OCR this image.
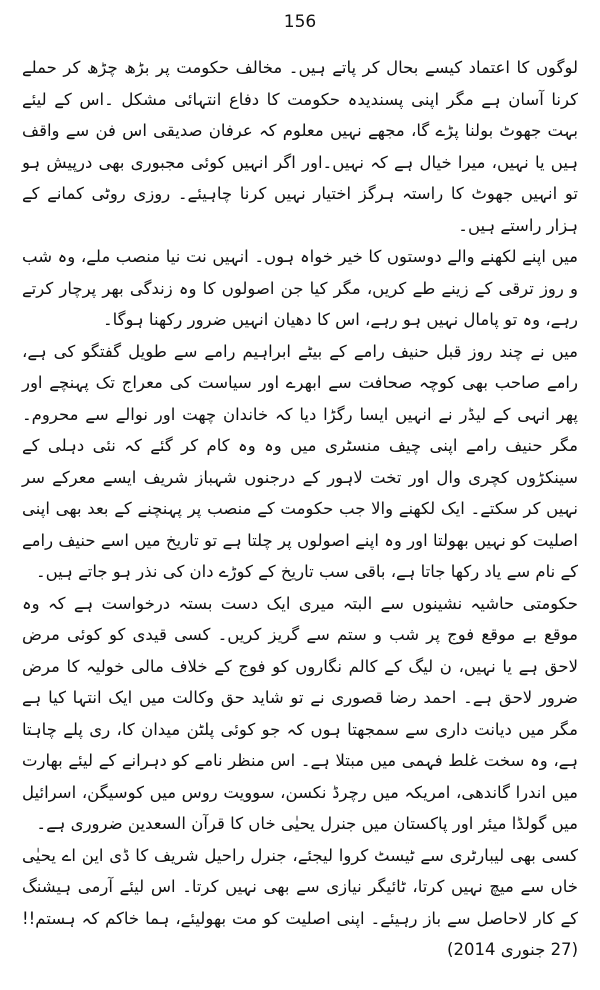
156

لوگوں کا اعتماد کیسے بحال کر پاتے ہیں۔ مخالف حکومت پر بڑھ چڑھ کر حملے کرنا آسان ہے مگر اپنی پسندیدہ حکومت کا دفاع انتہائی مشکل ۔اس کے لیئے بہت جھوٹ بولنا پڑے گا، مجھے نہیں معلوم کہ عرفان صدیقی اس فن سے واقف ہیں یا نہیں، میرا خیال ہے کہ نہیں۔اور اگر انہیں کوئی مجبوری بھی درپیش ہو تو انہیں جھوٹ کا راستہ ہرگز اختیار نہیں کرنا چاہیئے۔ روزی روٹی کمانے کے ہزار راستے ہیں۔

میں اپنے لکھنے والے دوستوں کا خیر خواہ ہوں۔ انہیں نت نیا منصب ملے، وہ شب و روز ترقی کے زینے طے کریں، مگر کیا جن اصولوں کا وہ زندگی بھر پرچار کرتے رہے، وہ تو پامال نہیں ہو رہے، اس کا دھیان انہیں ضرور رکھنا ہوگا۔

میں نے چند روز قبل حنیف رامے کے بیٹے ابراہیم رامے سے طویل گفتگو کی ہے، رامے صاحب بھی کوچہ صحافت سے ابھرے اور سیاست کی معراج تک پہنچے اور پھر انہی کے لیڈر نے انہیں ایسا رگڑا دیا کہ خاندان چھت اور نوالے سے محروم۔ مگر حنیف رامے اپنی چیف منسٹری میں وہ وہ کام کر گئے کہ نئی دہلی کے سینکڑوں کچری وال اور تخت لاہور کے درجنوں شہباز شریف ایسے معرکے سر نہیں کر سکتے۔ ایک لکھنے والا جب حکومت کے منصب پر پہنچنے کے بعد بھی اپنی اصلیت کو نہیں بھولتا اور وہ اپنے اصولوں پر چلتا ہے تو تاریخ میں اسے حنیف رامے کے نام سے یاد رکھا جاتا ہے، باقی سب تاریخ کے کوڑے دان کی نذر ہو جاتے ہیں۔

حکومتی حاشیہ نشینوں سے البتہ میری ایک دست بستہ درخواست ہے کہ وہ موقع بے موقع فوج پر شب و ستم سے گریز کریں۔ کسی قیدی کو کوئی مرض لاحق ہے یا نہیں، ن لیگ کے کالم نگاروں کو فوج کے خلاف مالی خولیہ کا مرض ضرور لاحق ہے۔ احمد رضا قصوری نے تو شاید حق وکالت میں ایک انتہا کیا ہے مگر میں دیانت داری سے سمجھتا ہوں کہ جو کوئی پلٹن میدان کا، ری پلے چاہتا ہے، وہ سخت غلط فہمی میں مبتلا ہے۔ اس منظر نامے کو دہرانے کے لیئے بھارت میں اندرا گاندھی، امریکہ میں رچرڈ نکسن، سوویت روس میں کوسیگن، اسرائیل میں گولڈا میئر اور پاکستان میں جنرل یحیٰی خاں کا قرآن السعدین ضروری ہے۔

کسی بھی لیبارٹری سے ٹیسٹ کروا لیجئے، جنرل راحیل شریف کا ڈی این اے یحیٰی خاں سے میچ نہیں کرتا، ٹائیگر نیازی سے بھی نہیں کرتا۔ اس لیئے آرمی ہیشنگ کے کار لاحاصل سے باز رہیئے۔ اپنی اصلیت کو مت بھولیئے، ہما خاکم کہ ہستم!! (27 جنوری 2014)
